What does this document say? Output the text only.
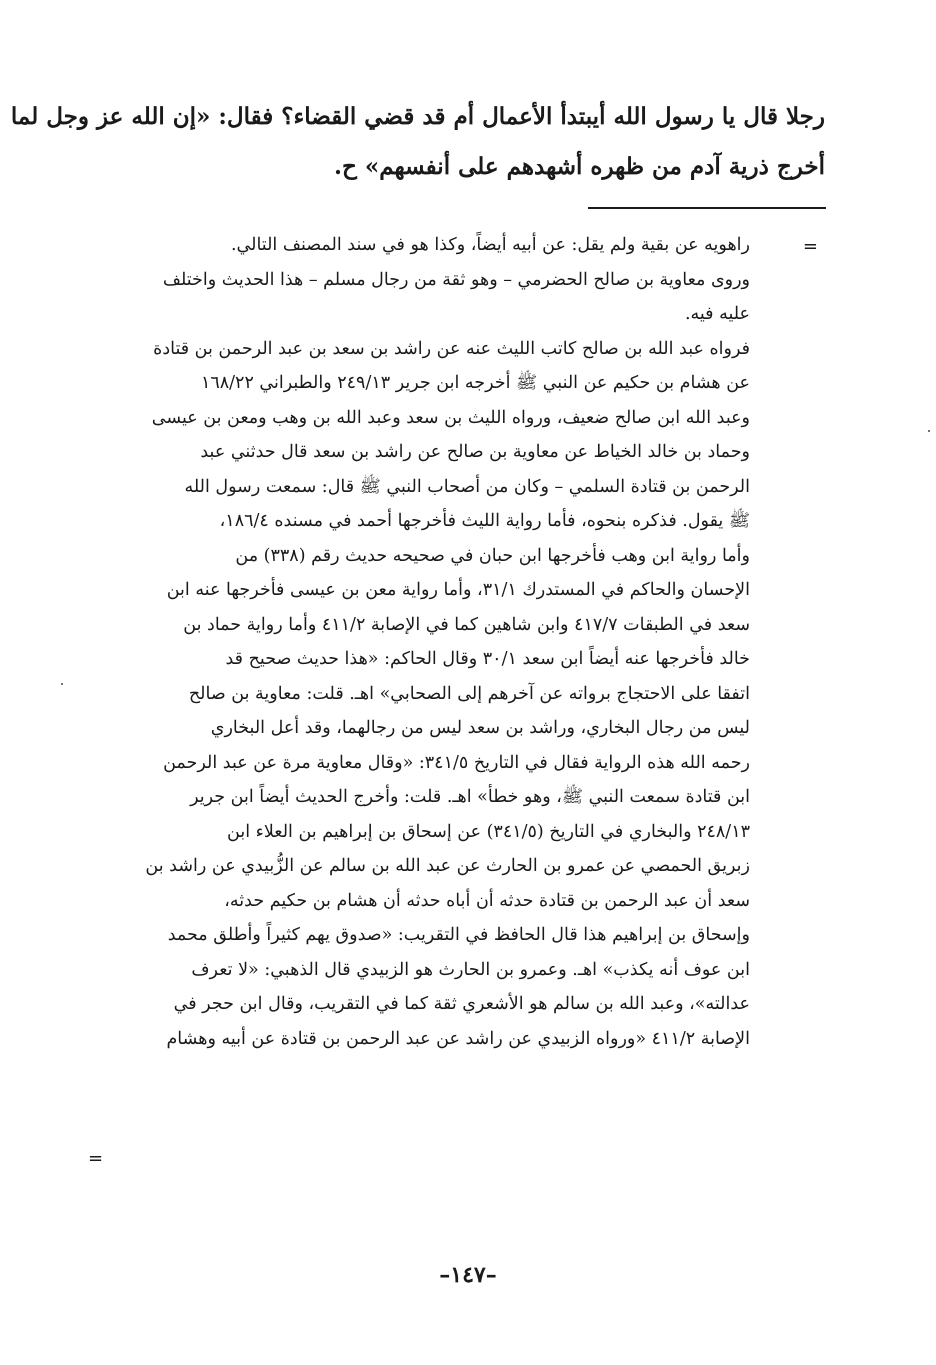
رجلا قال يا رسول الله أيبتدأ الأعمال أم قد قضي القضاء؟ فقال: «إن الله عز وجل لما
أخرج ذرية آدم من ظهره أشهدهم على أنفسهم» ح.
=
راهويه عن بقية ولم يقل: عن أبيه أيضاً، وكذا هو في سند المصنف التالي.
وروى معاوية بن صالح الحضرمي – وهو ثقة من رجال مسلم – هذا الحديث واختلف
عليه فيه.
فرواه عبد الله بن صالح كاتب الليث عنه عن راشد بن سعد بن عبد الرحمن بن قتادة
عن هشام بن حكيم عن النبي ﷺ أخرجه ابن جرير ٢٤٩/١٣ والطبراني ١٦٨/٢٢
وعبد الله ابن صالح ضعيف، ورواه الليث بن سعد وعبد الله بن وهب ومعن بن عيسى
وحماد بن خالد الخياط عن معاوية بن صالح عن راشد بن سعد قال حدثني عبد
الرحمن بن قتادة السلمي – وكان من أصحاب النبي ﷺ قال: سمعت رسول الله
ﷺ يقول. فذكره بنحوه، فأما رواية الليث فأخرجها أحمد في مسنده ١٨٦/٤،
وأما رواية ابن وهب فأخرجها ابن حبان في صحيحه حديث رقم (٣٣٨) من
الإحسان والحاكم في المستدرك ٣١/١، وأما رواية معن بن عيسى فأخرجها عنه ابن
سعد في الطبقات ٤١٧/٧ وابن شاهين كما في الإصابة ٤١١/٢ وأما رواية حماد بن
خالد فأخرجها عنه أيضاً ابن سعد ٣٠/١ وقال الحاكم: «هذا حديث صحيح قد
اتفقا على الاحتجاج برواته عن آخرهم إلى الصحابي» اهـ. قلت: معاوية بن صالح
ليس من رجال البخاري، وراشد بن سعد ليس من رجالهما، وقد أعل البخاري
رحمه الله هذه الرواية فقال في التاريخ ٣٤١/٥: «وقال معاوية مرة عن عبد الرحمن
ابن قتادة سمعت النبي ﷺ، وهو خطأ» اهـ. قلت: وأخرج الحديث أيضاً ابن جرير
٢٤٨/١٣ والبخاري في التاريخ (٣٤١/٥) عن إسحاق بن إبراهيم بن العلاء ابن
زبريق الحمصي عن عمرو بن الحارث عن عبد الله بن سالم عن الزُّبيدي عن راشد بن
سعد أن عبد الرحمن بن قتادة حدثه أن أباه حدثه أن هشام بن حكيم حدثه،
وإسحاق بن إبراهيم هذا قال الحافظ في التقريب: «صدوق يهم كثيراً وأطلق محمد
ابن عوف أنه يكذب» اهـ. وعمرو بن الحارث هو الزبيدي قال الذهبي: «لا تعرف
عدالته»، وعبد الله بن سالم هو الأشعري ثقة كما في التقريب، وقال ابن حجر في
الإصابة ٤١١/٢ «ورواه الزبيدي عن راشد عن عبد الرحمن بن قتادة عن أبيه وهشام
=
–١٤٧–
